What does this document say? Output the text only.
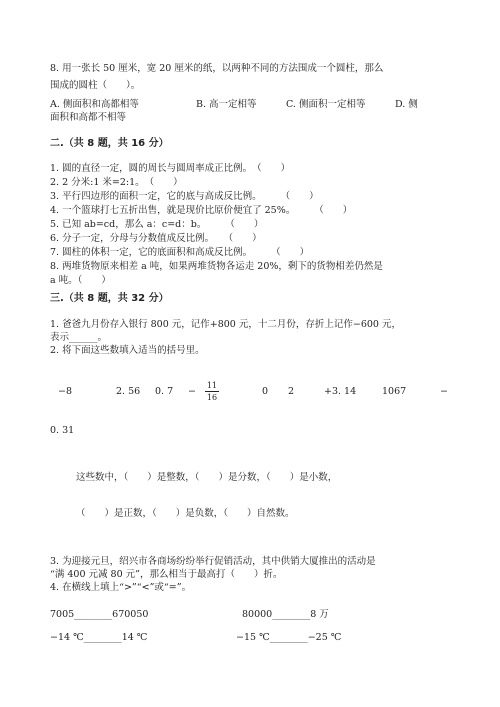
8. 用一张长 50 厘米，宽 20 厘米的纸，以两种不同的方法围成一个圆柱，那么
围成的圆柱（　　）。
A. 侧面积和高都相等	B. 高一定相等	C. 侧面积一定相等	D. 侧
面积和高都不相等
二.（共 8 题，共 16 分）
1. 圆的直径一定，圆的周长与圆周率成正比例。　（　　）
2. 2 分米:1 米=2:1。　（　　）
3. 平行四边形的面积一定，它的底与高成反比例。　　　（　　）
4. 一个篮球打七五折出售，就是现价比原价便宜了 25%。　　　（　　）
5. 已知 ab=cd，那么 a：c=d：b。　　　（　　）
6. 分子一定，分母与分数值成反比例。　　（　　）
7. 圆柱的体积一定，它的底面积和高成反比例。　　　（　　）
8. 两堆货物原来相差 a 吨，如果两堆货物各运走 20%，剩下的货物相差仍然是
a 吨。（　　）
三.（共 8 题，共 32 分）
1. 爸爸九月份存入银行 800 元，记作+800 元，十二月份，存折上记作−600 元，
表示______。
2. 将下面这些数填入适当的括号里。
−8	2. 56 0. 7 −
11
16
0 2	+3. 14	1067	−
0. 31
这些数中，（　　）是整数，（　　）是分数，（　　）是小数，
（　　）是正数，（　　）是负数，（　　）自然数。
3. 为迎接元旦，绍兴市各商场纷纷举行促销活动，其中供销大厦推出的活动是
“满 400 元减 80 元”，那么相当于最高打（　　）折。
4. 在横线上填上“>”“<”或“=”。
7005________670050	80000________8 万
−14 ℃________14 ℃	−15 ℃________−25 ℃
